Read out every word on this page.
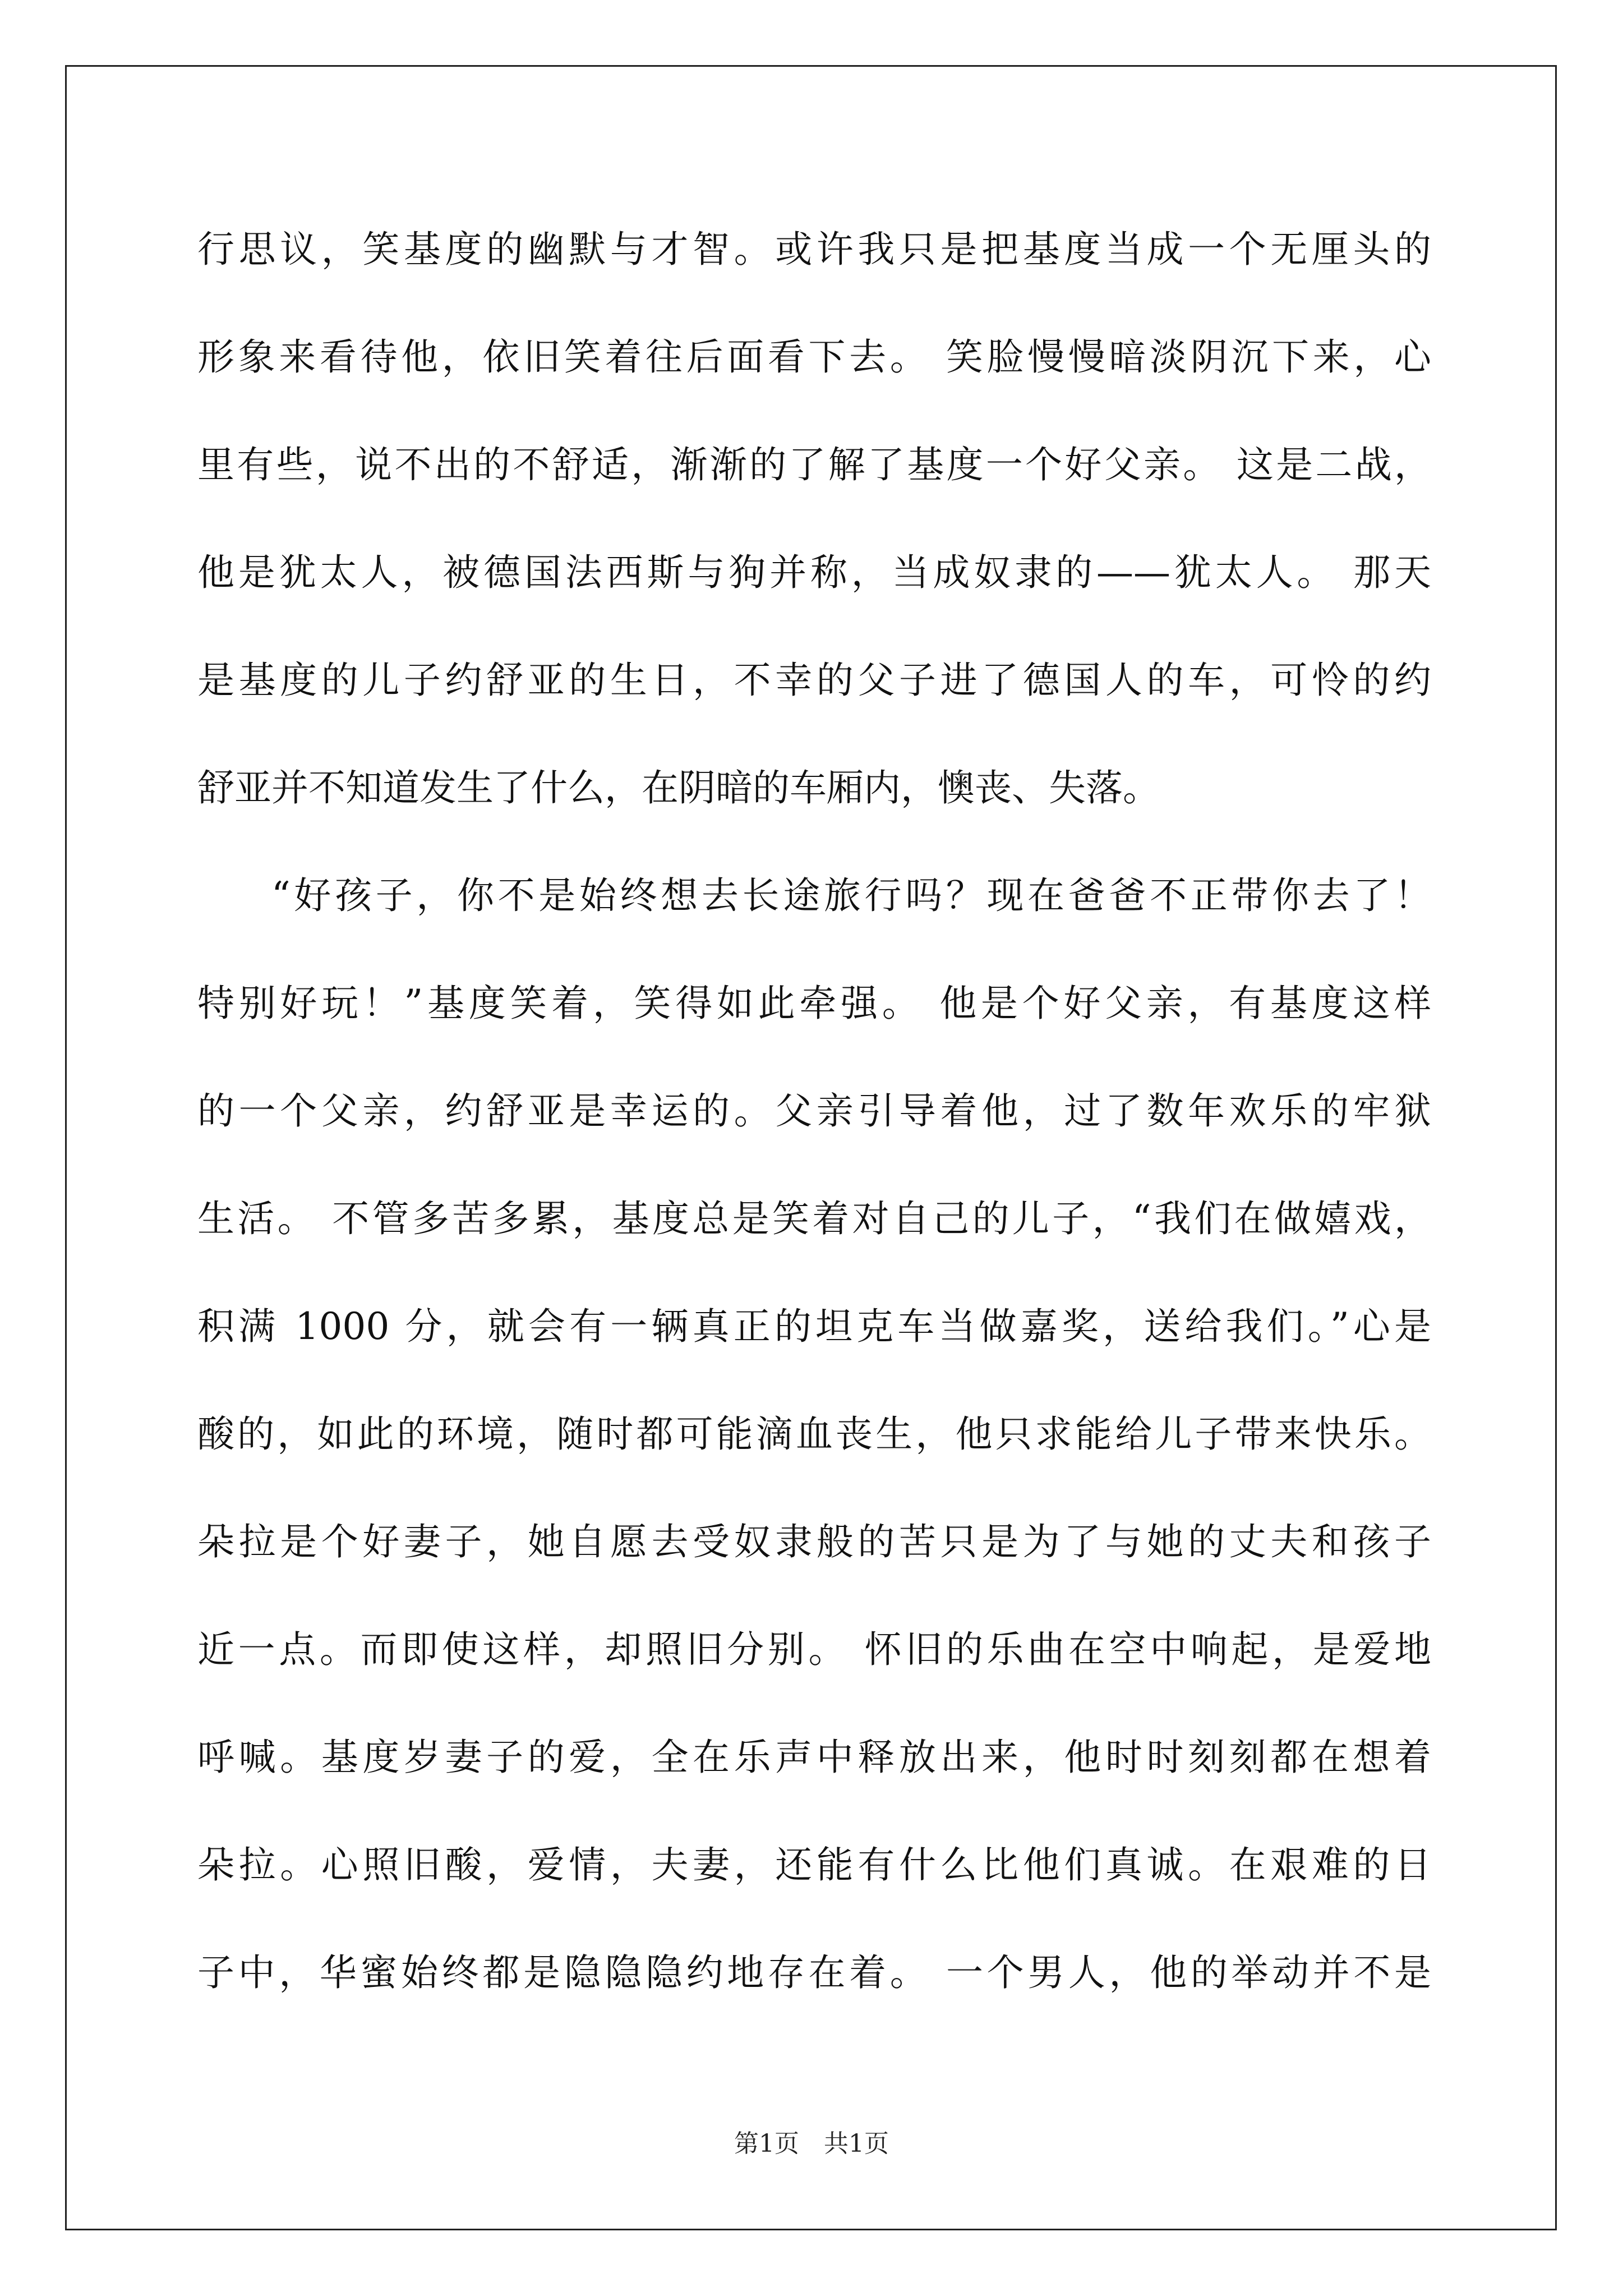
行思议，笑基度的幽默与才智。或许我只是把基度当成一个无厘头的
形象来看待他，依旧笑着往后面看下去。 笑脸慢慢暗淡阴沉下来，心
里有些，说不出的不舒适，渐渐的了解了基度一个好父亲。 这是二战，
他是犹太人，被德国法西斯与狗并称，当成奴隶的——犹太人。 那天
是基度的儿子约舒亚的生日，不幸的父子进了德国人的车，可怜的约
舒亚并不知道发生了什么，在阴暗的车厢内，懊丧、失落。
“好孩子，你不是始终想去长途旅行吗？现在爸爸不正带你去了！
特别好玩！”基度笑着，笑得如此牵强。 他是个好父亲，有基度这样
的一个父亲，约舒亚是幸运的。父亲引导着他，过了数年欢乐的牢狱
生活。 不管多苦多累，基度总是笑着对自己的儿子，“我们在做嬉戏，
积满 1000 分，就会有一辆真正的坦克车当做嘉奖，送给我们。”心是
酸的，如此的环境，随时都可能滴血丧生，他只求能给儿子带来快乐。
朵拉是个好妻子，她自愿去受奴隶般的苦只是为了与她的丈夫和孩子
近一点。而即使这样，却照旧分别。 怀旧的乐曲在空中响起，是爱地
呼喊。基度岁妻子的爱，全在乐声中释放出来，他时时刻刻都在想着
朵拉。心照旧酸，爱情，夫妻，还能有什么比他们真诚。在艰难的日
子中，华蜜始终都是隐隐隐约地存在着。 一个男人，他的举动并不是
第1页　共1页
